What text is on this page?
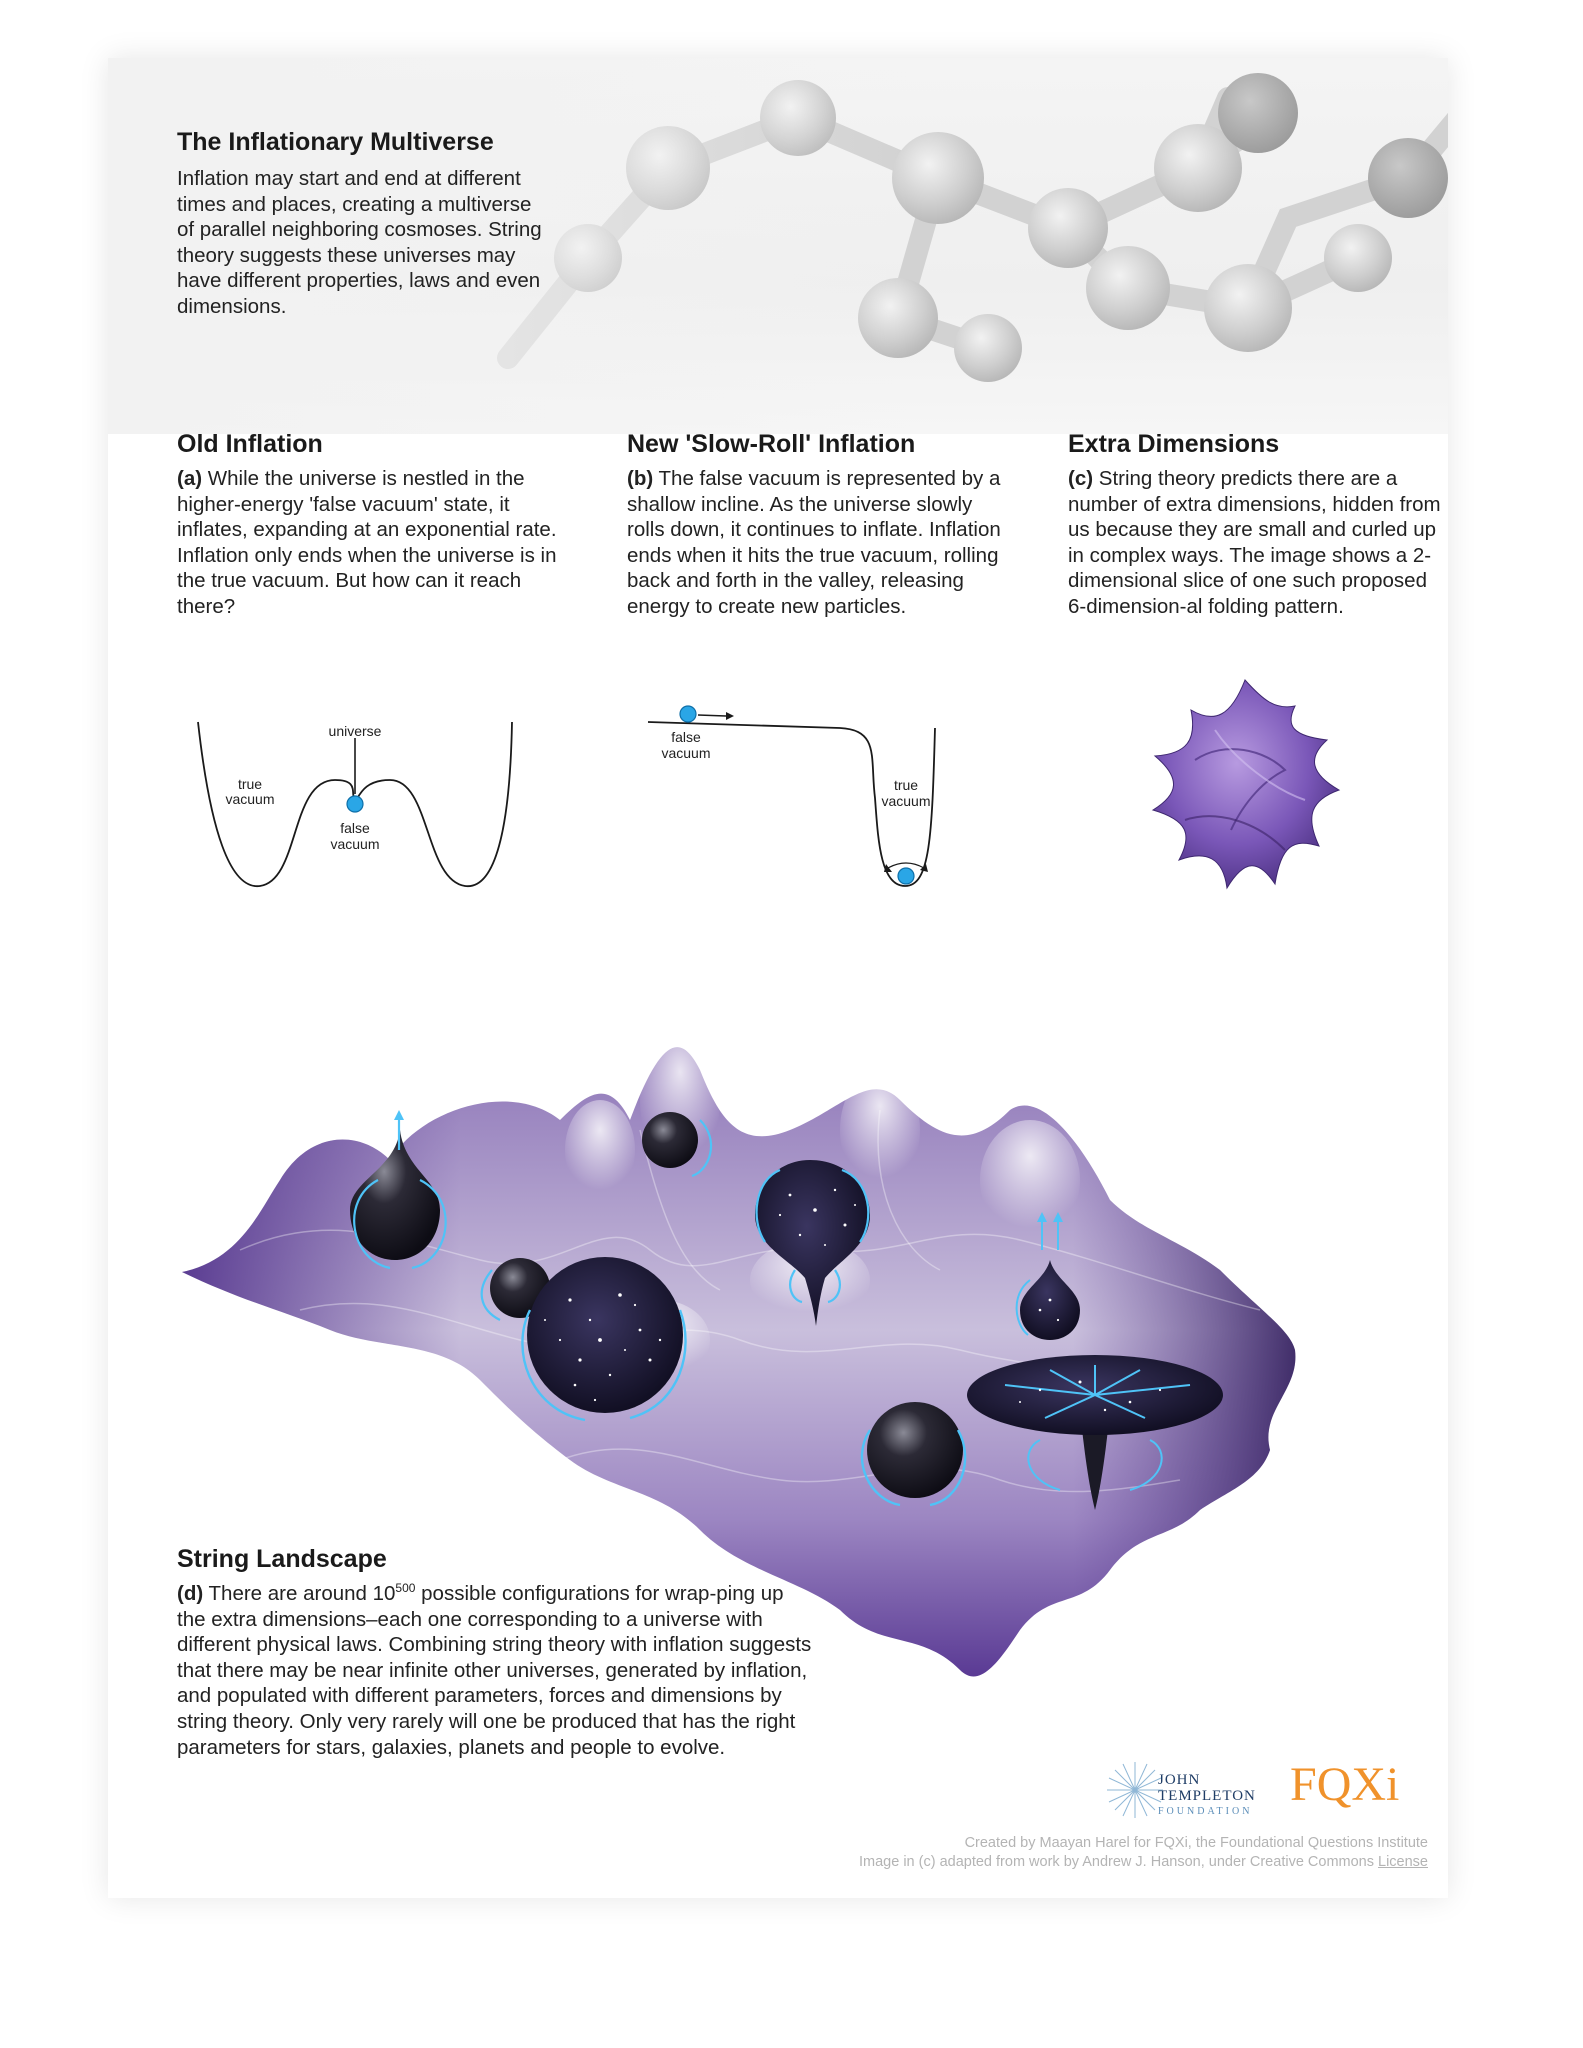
The Inflationary Multiverse

Inflation may start and end at different times and places, creating a multiverse of parallel neighboring cosmoses. String theory suggests these universes may have different properties, laws and even dimensions.

Old Inflation

(a) While the universe is nestled in the higher-energy 'false vacuum' state, it inflates, expanding at an exponential rate. Inflation only ends when the universe is in the true vacuum. But how can it reach there?

New 'Slow-Roll' Inflation

(b) The false vacuum is represented by a shallow incline. As the universe slowly rolls down, it continues to inflate. Inflation ends when it hits the true vacuum, rolling back and forth in the valley, releasing energy to create new particles.

Extra Dimensions

(c) String theory predicts there are a number of extra dimensions, hidden from us because they are small and curled up in complex ways. The image shows a 2-dimensional slice of one such proposed 6-dimension-al folding pattern.

universe
true
vacuum
false
vacuum
false
vacuum
true
vacuum
String Landscape

(d) There are around $10^{500}$ possible configurations for wrap-ping up the extra dimensions–each one corresponding to a universe with different physical laws. Combining string theory with inflation suggests that there may be near infinite other universes, generated by inflation, and populated with different parameters, forces and dimensions by string theory. Only very rarely will one be produced that has the right parameters for stars, galaxies, planets and people to evolve.

JOHN
TEMPLETON
FOUNDATION
FQXi
Created by Maayan Harel for FQXi, the Foundational Questions Institute
Image in (c) adapted from work by Andrew J. Hanson, under Creative Commons License
